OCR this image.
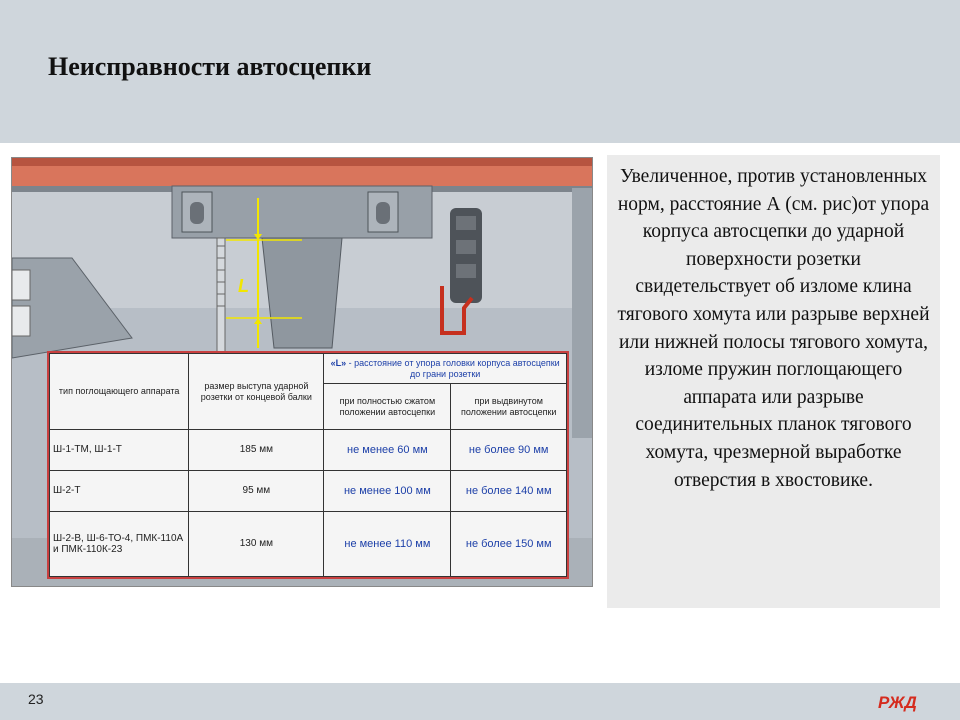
Неисправности автосцепки
L
тип поглощающего аппарата	размер выступа ударной розетки от концевой балки	«L» - расстояние от упора головки корпуса автосцепки до грани розетки	
		при полностью сжатом положении автосцепки	при выдвинутом положении автосцепки
Ш-1-ТМ, Ш-1-Т	185 мм	не менее 60 мм	не более 90 мм
Ш-2-Т	95 мм	не менее 100 мм	не более 140 мм
Ш-2-В, Ш-6-ТО-4, ПМК-110А и ПМК-110К-23	130 мм	не менее 110 мм	не более 150 мм

Увеличенное, против установленных норм, расстояние А (см. рис)от упора корпуса автосцепки до ударной поверхности розетки свидетельствует об изломе клина тягового хомута или разрыве верхней или нижней полосы тягового хомута, изломе пружин поглощающего аппарата или разрыве соединительных планок тягового хомута, чрезмерной выработке отверстия в хвостовике.

23	РЖД
